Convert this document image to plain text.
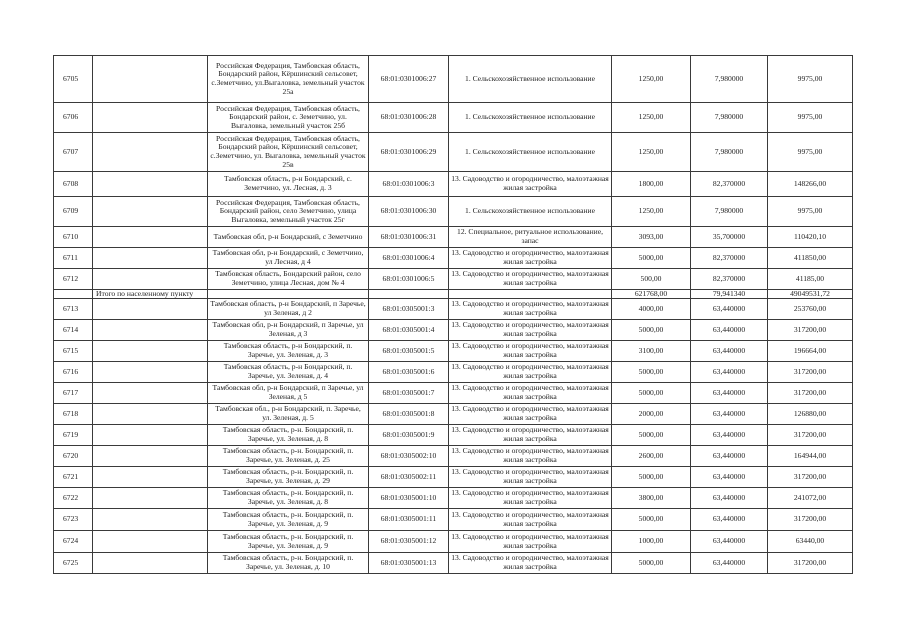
6705		Российская Федерация, Тамбовская область, Бондарский район, Кёршинский сельсовет, с.Земетчино, ул.Выгаловка, земельный участок 25а	68:01:0301006:27	1. Сельскохозяйственное использование	1250,00	7,980000	9975,00
6706		Российская Федерация, Тамбовская область, Бондарский район, с. Земетчино, ул. Выгаловка, земельный участок 25б	68:01:0301006:28	1. Сельскохозяйственное использование	1250,00	7,980000	9975,00
6707		Российская Федерация, Тамбовская область, Бондарский район, Кёршинский сельсовет, с.Земетчино, ул. Выгаловка, земельный участок 25в	68:01:0301006:29	1. Сельскохозяйственное использование	1250,00	7,980000	9975,00
6708		Тамбовская область, р-н Бондарский, с. Земетчино, ул. Лесная, д. 3	68:01:0301006:3	13. Садоводство и огородничество, малоэтажная жилая застройка	1800,00	82,370000	148266,00
6709		Российская Федерация, Тамбовская область, Бондарский район, село Земетчино, улица Выгаловка, земельный участок 25г	68:01:0301006:30	1. Сельскохозяйственное использование	1250,00	7,980000	9975,00
6710		Тамбовская обл, р-н Бондарский, с Земетчино	68:01:0301006:31	12. Специальное, ритуальное использование, запас	3093,00	35,700000	110420,10
6711		Тамбовская обл, р-н Бондарский, с Земетчино, ул Лесная, д 4	68:01:0301006:4	13. Садоводство и огородничество, малоэтажная жилая застройка	5000,00	82,370000	411850,00
6712		Тамбовская область, Бондарский район, село Земетчино, улица Лесная, дом № 4	68:01:0301006:5	13. Садоводство и огородничество, малоэтажная жилая застройка	500,00	82,370000	41185,00
	Итого по населенному пункту				621768,00	79,941340	49049531,72
6713		Тамбовская область, р-н Бондарский, п Заречье, ул Зеленая, д 2	68:01:0305001:3	13. Садоводство и огородничество, малоэтажная жилая застройка	4000,00	63,440000	253760,00
6714		Тамбовская обл, р-н Бондарский, п Заречье, ул Зеленая, д 3	68:01:0305001:4	13. Садоводство и огородничество, малоэтажная жилая застройка	5000,00	63,440000	317200,00
6715		Тамбовская область, р-н Бондарский, п. Заречье, ул. Зеленая, д. 3	68:01:0305001:5	13. Садоводство и огородничество, малоэтажная жилая застройка	3100,00	63,440000	196664,00
6716		Тамбовская область, р-н Бондарский, п. Заречье, ул. Зеленая, д. 4	68:01:0305001:6	13. Садоводство и огородничество, малоэтажная жилая застройка	5000,00	63,440000	317200,00
6717		Тамбовская обл, р-н Бондарский, п Заречье, ул Зеленая, д 5	68:01:0305001:7	13. Садоводство и огородничество, малоэтажная жилая застройка	5000,00	63,440000	317200,00
6718		Тамбовская обл., р-н Бондарский, п. Заречье, ул. Зеленая, д. 5	68:01:0305001:8	13. Садоводство и огородничество, малоэтажная жилая застройка	2000,00	63,440000	126880,00
6719		Тамбовская область, р-н. Бондарский, п. Заречье, ул. Зеленая, д. 8	68:01:0305001:9	13. Садоводство и огородничество, малоэтажная жилая застройка	5000,00	63,440000	317200,00
6720		Тамбовская область, р-н. Бондарский, п. Заречье, ул. Зеленая, д. 25	68:01:0305002:10	13. Садоводство и огородничество, малоэтажная жилая застройка	2600,00	63,440000	164944,00
6721		Тамбовская область, р-н. Бондарский, п. Заречье, ул. Зеленая, д. 29	68:01:0305002:11	13. Садоводство и огородничество, малоэтажная жилая застройка	5000,00	63,440000	317200,00
6722		Тамбовская область, р-н. Бондарский, п. Заречье, ул. Зеленая, д. 8	68:01:0305001:10	13. Садоводство и огородничество, малоэтажная жилая застройка	3800,00	63,440000	241072,00
6723		Тамбовская область, р-н. Бондарский, п. Заречье, ул. Зеленая, д. 9	68:01:0305001:11	13. Садоводство и огородничество, малоэтажная жилая застройка	5000,00	63,440000	317200,00
6724		Тамбовская область, р-н. Бондарский, п. Заречье, ул. Зеленая, д. 9	68:01:0305001:12	13. Садоводство и огородничество, малоэтажная жилая застройка	1000,00	63,440000	63440,00
6725		Тамбовская область, р-н. Бондарский, п. Заречье, ул. Зеленая, д. 10	68:01:0305001:13	13. Садоводство и огородничество, малоэтажная жилая застройка	5000,00	63,440000	317200,00
